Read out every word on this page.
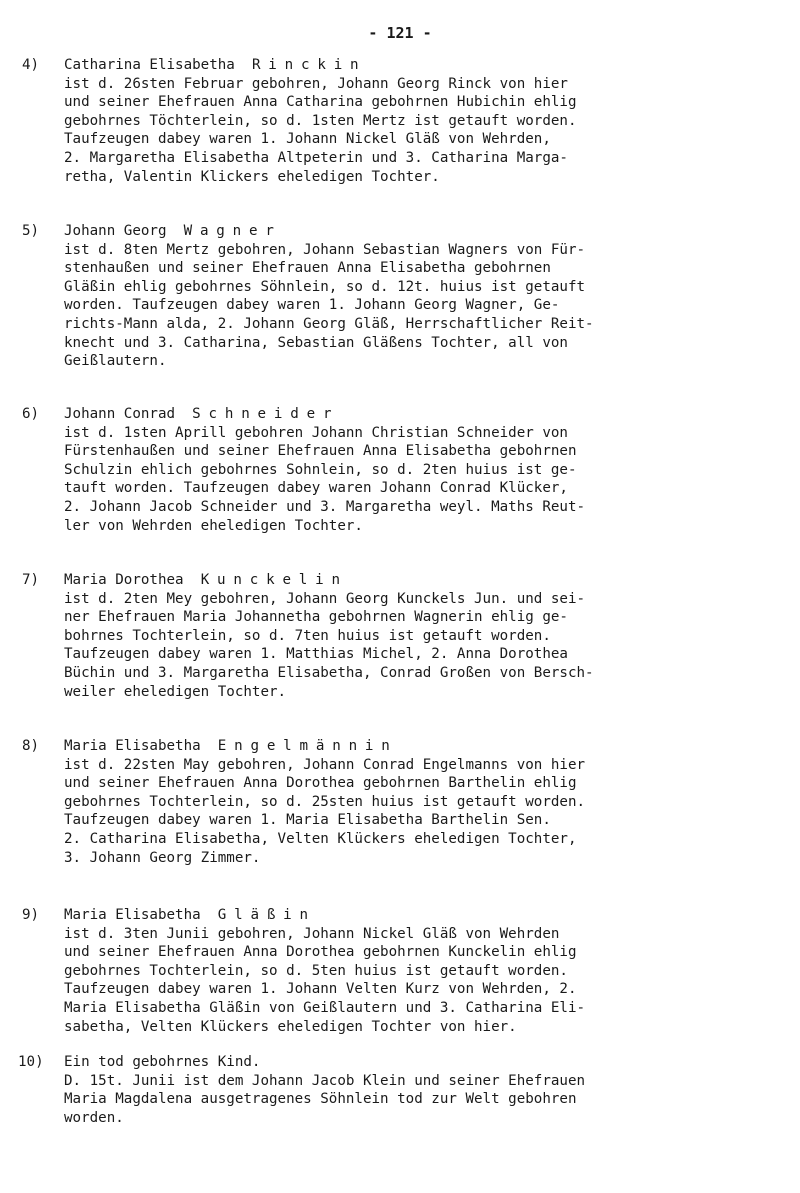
- 121 -
4)	Catharina Elisabetha Rinckin
ist d. 26sten Februar gebohren, Johann Georg Rinck von hier
und seiner Ehefrauen Anna Catharina gebohrnen Hubichin ehlig
gebohrnes Töchterlein, so d. 1sten Mertz ist getauft worden.
Taufzeugen dabey waren 1. Johann Nickel Gläß von Wehrden,
2. Margaretha Elisabetha Altpeterin und 3. Catharina Marga-
retha, Valentin Klickers eheledigen Tochter.
5)	Johann Georg Wagner
ist d. 8ten Mertz gebohren, Johann Sebastian Wagners von Für-
stenhaußen und seiner Ehefrauen Anna Elisabetha gebohrnen
Gläßin ehlig gebohrnes Söhnlein, so d. 12t. huius ist getauft
worden. Taufzeugen dabey waren 1. Johann Georg Wagner, Ge-
richts-Mann alda, 2. Johann Georg Gläß, Herrschaftlicher Reit-
knecht und 3. Catharina, Sebastian Gläßens Tochter, all von
Geißlautern.
6)	Johann Conrad Schneider
ist d. 1sten Aprill gebohren Johann Christian Schneider von
Fürstenhaußen und seiner Ehefrauen Anna Elisabetha gebohrnen
Schulzin ehlich gebohrnes Sohnlein, so d. 2ten huius ist ge-
tauft worden. Taufzeugen dabey waren Johann Conrad Klücker,
2. Johann Jacob Schneider und 3. Margaretha weyl. Maths Reut-
ler von Wehrden eheledigen Tochter.
7)	Maria Dorothea Kunckelin
ist d. 2ten Mey gebohren, Johann Georg Kunckels Jun. und sei-
ner Ehefrauen Maria Johannetha gebohrnen Wagnerin ehlig ge-
bohrnes Tochterlein, so d. 7ten huius ist getauft worden.
Taufzeugen dabey waren 1. Matthias Michel, 2. Anna Dorothea
Büchin und 3. Margaretha Elisabetha, Conrad Großen von Bersch-
weiler eheledigen Tochter.
8)	Maria Elisabetha Engelmännin
ist d. 22sten May gebohren, Johann Conrad Engelmanns von hier
und seiner Ehefrauen Anna Dorothea gebohrnen Barthelin ehlig
gebohrnes Tochterlein, so d. 25sten huius ist getauft worden.
Taufzeugen dabey waren 1. Maria Elisabetha Barthelin Sen.
2. Catharina Elisabetha, Velten Klückers eheledigen Tochter,
3. Johann Georg Zimmer.
9)	Maria Elisabetha Gläßin
ist d. 3ten Junii gebohren, Johann Nickel Gläß von Wehrden
und seiner Ehefrauen Anna Dorothea gebohrnen Kunckelin ehlig
gebohrnes Tochterlein, so d. 5ten huius ist getauft worden.
Taufzeugen dabey waren 1. Johann Velten Kurz von Wehrden, 2.
Maria Elisabetha Gläßin von Geißlautern und 3. Catharina Eli-
sabetha, Velten Klückers eheledigen Tochter von hier.
10)	Ein tod gebohrnes Kind.
D. 15t. Junii ist dem Johann Jacob Klein und seiner Ehefrauen
Maria Magdalena ausgetragenes Söhnlein tod zur Welt gebohren
worden.
